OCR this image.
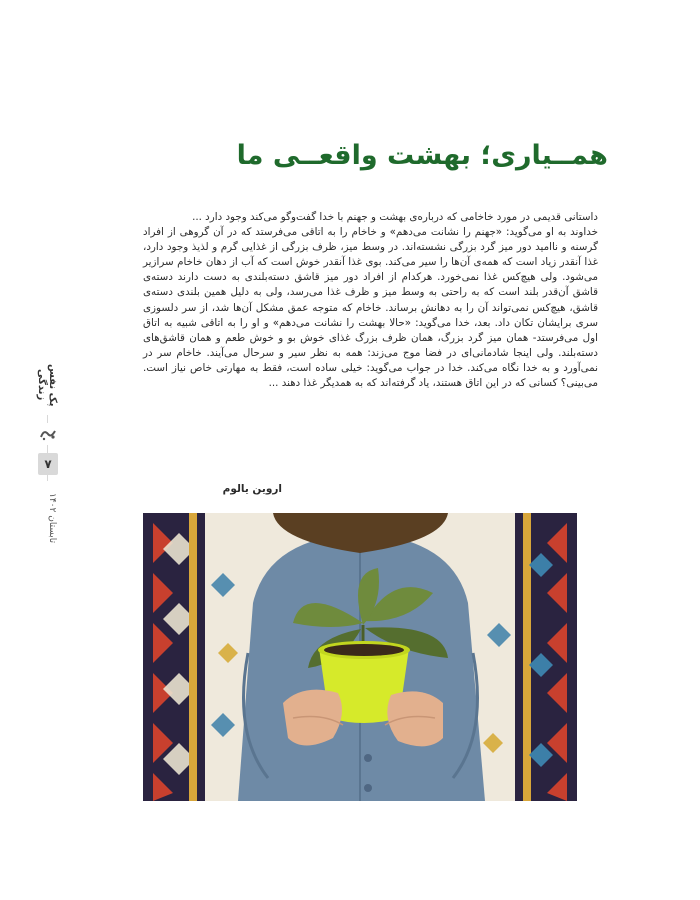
پک نفس زندگی
۷
تابستان ۱۴۰۲
همــیاری؛ بهشت واقعــی ما

داستانی قدیمی در مورد خاخامی که درباره‌ی بهشت و جهنم با خدا گفت‌وگو می‌کند وجود دارد ...

خداوند به او می‌گوید: «جهنم را نشانت می‌دهم» و خاخام را به اتاقی می‌فرستد که در آن گروهی از افراد گرسنه و ناامید دور میز گرد بزرگی نشسته‌اند. در وسط میز، ظرف بزرگی از غذایی گرم و لذیذ وجود دارد، غذا آنقدر زیاد است که همه‌ی آن‌ها را سیر می‌کند. بوی غذا آنقدر خوش است که آب از دهان خاخام سرازیر می‌شود. ولی هیچ‌کس غذا نمی‌خورد. هرکدام از افراد دور میز قاشق دسته‌بلندی به دست دارند دسته‌ی قاشق آن‌قدر بلند است که به راحتی به وسط میز و ظرف غذا می‌رسد، ولی به دلیل همین بلندی دسته‌ی قاشق، هیچ‌کس نمی‌تواند آن را به دهانش برساند. خاخام که متوجه عمق مشکل آن‌ها شد، از سر دلسوزی سری برایشان تکان داد. بعد، خدا می‌گوید: «حالا بهشت را نشانت می‌دهم» و او را به اتاقی شبیه به اتاق اول می‌فرستد- همان میز گرد بزرگ، همان ظرف بزرگ غذای خوش بو و خوش طعم و همان قاشق‌های دسته‌بلند. ولی اینجا شادمانی‌ای در فضا موج می‌زند: همه به نظر سیر و سرحال می‌آیند. خاخام سر در نمی‌آورد و به خدا نگاه می‌کند. خدا در جواب می‌گوید: خیلی ساده است، فقط به مهارتی خاص نیاز است. می‌بینی؟ کسانی که در این اتاق هستند، یاد گرفته‌اند که به همدیگر غذا دهند ...

اروین یالوم
